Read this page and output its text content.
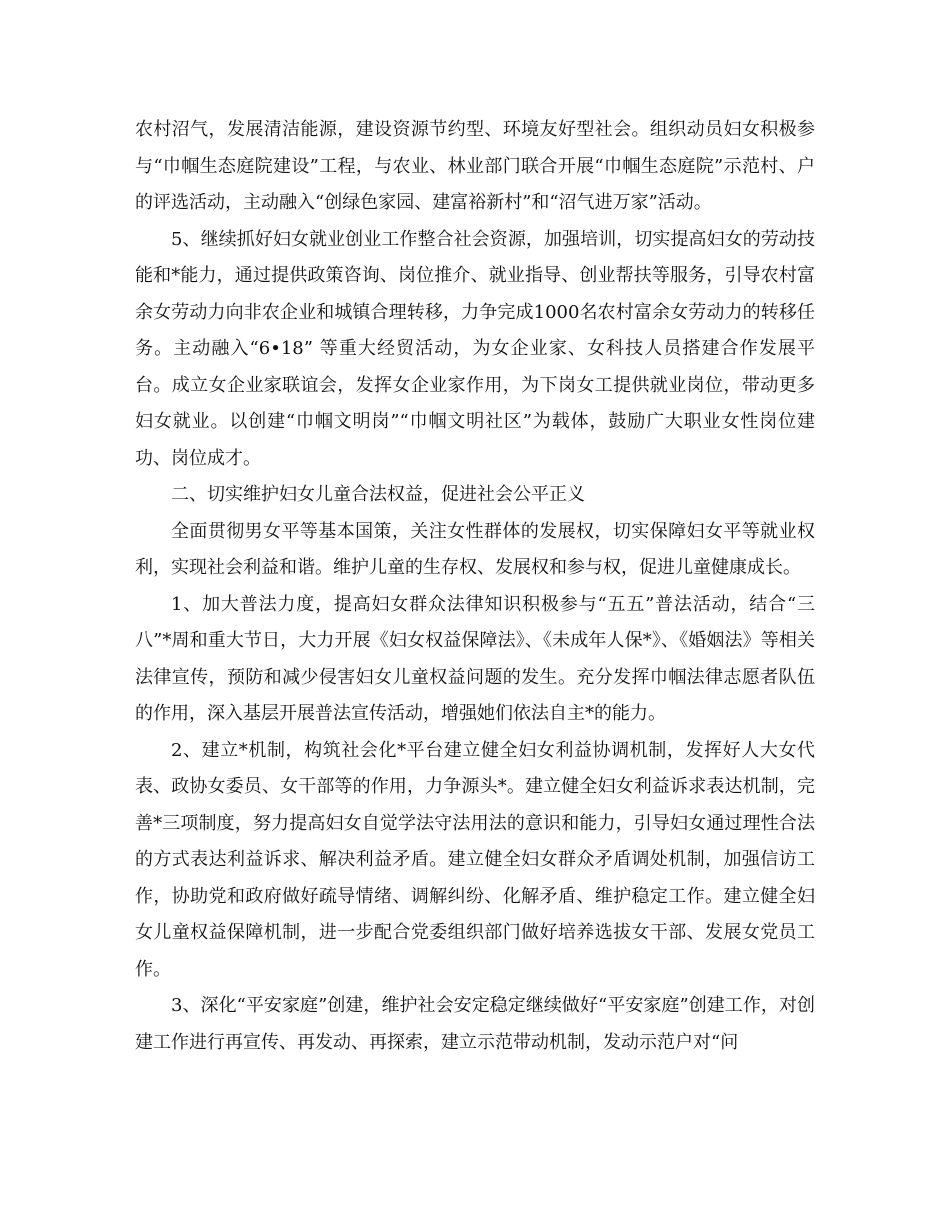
农村沼气，发展清洁能源，建设资源节约型、环境友好型社会。组织动员妇女积极参与“巾帼生态庭院建设”工程，与农业、林业部门联合开展“巾帼生态庭院”示范村、户的评选活动，主动融入“创绿色家园、建富裕新村”和“沼气进万家”活动。

5、继续抓好妇女就业创业工作整合社会资源，加强培训，切实提高妇女的劳动技能和*能力，通过提供政策咨询、岗位推介、就业指导、创业帮扶等服务，引导农村富余女劳动力向非农企业和城镇合理转移，力争完成1000名农村富余女劳动力的转移任务。主动融入“6•18” 等重大经贸活动，为女企业家、女科技人员搭建合作发展平台。成立女企业家联谊会，发挥女企业家作用，为下岗女工提供就业岗位，带动更多妇女就业。以创建“巾帼文明岗”“巾帼文明社区”为载体，鼓励广大职业女性岗位建功、岗位成才。

二、切实维护妇女儿童合法权益，促进社会公平正义

全面贯彻男女平等基本国策，关注女性群体的发展权，切实保障妇女平等就业权利，实现社会利益和谐。维护儿童的生存权、发展权和参与权，促进儿童健康成长。

1、加大普法力度，提高妇女群众法律知识积极参与“五五”普法活动，结合“三八”*周和重大节日，大力开展《妇女权益保障法》、《未成年人保*》、《婚姻法》等相关法律宣传，预防和减少侵害妇女儿童权益问题的发生。充分发挥巾帼法律志愿者队伍的作用，深入基层开展普法宣传活动，增强她们依法自主*的能力。

2、建立*机制，构筑社会化*平台建立健全妇女利益协调机制，发挥好人大女代表、政协女委员、女干部等的作用，力争源头*。建立健全妇女利益诉求表达机制，完善*三项制度，努力提高妇女自觉学法守法用法的意识和能力，引导妇女通过理性合法的方式表达利益诉求、解决利益矛盾。建立健全妇女群众矛盾调处机制，加强信访工作，协助党和政府做好疏导情绪、调解纠纷、化解矛盾、维护稳定工作。建立健全妇女儿童权益保障机制，进一步配合党委组织部门做好培养选拔女干部、发展女党员工作。

3、深化“平安家庭”创建，维护社会安定稳定继续做好“平安家庭”创建工作，对创建工作进行再宣传、再发动、再探索，建立示范带动机制，发动示范户对“问
